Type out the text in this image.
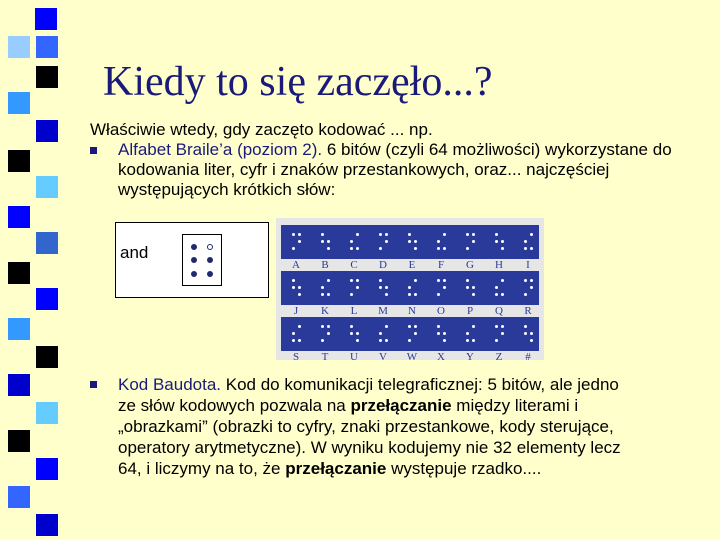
Kiedy to się zaczęło...?

Właściwie wtedy, gdy zaczęto kodować ... np.

Alfabet Braile’a (poziom 2). 6 bitów (czyli 64 możliwości) wykorzystane do kodowania liter, cyfr i znaków przestankowych, oraz... najczęściej występujących krótkich słów:

and
A	B	C	D	E	F	G	H	I
J	K	L	M	N	O	P	Q	R
S	T	U	V	W	X	Y	Z	#

Kod Baudota. Kod do komunikacji telegraficznej: 5 bitów, ale jedno ze słów kodowych pozwala na przełączanie między literami i „obrazkami” (obrazki to cyfry, znaki przestankowe, kody sterujące, operatory arytmetyczne). W wyniku kodujemy nie 32 elementy lecz 64, i liczymy na to, że przełączanie występuje rzadko....
